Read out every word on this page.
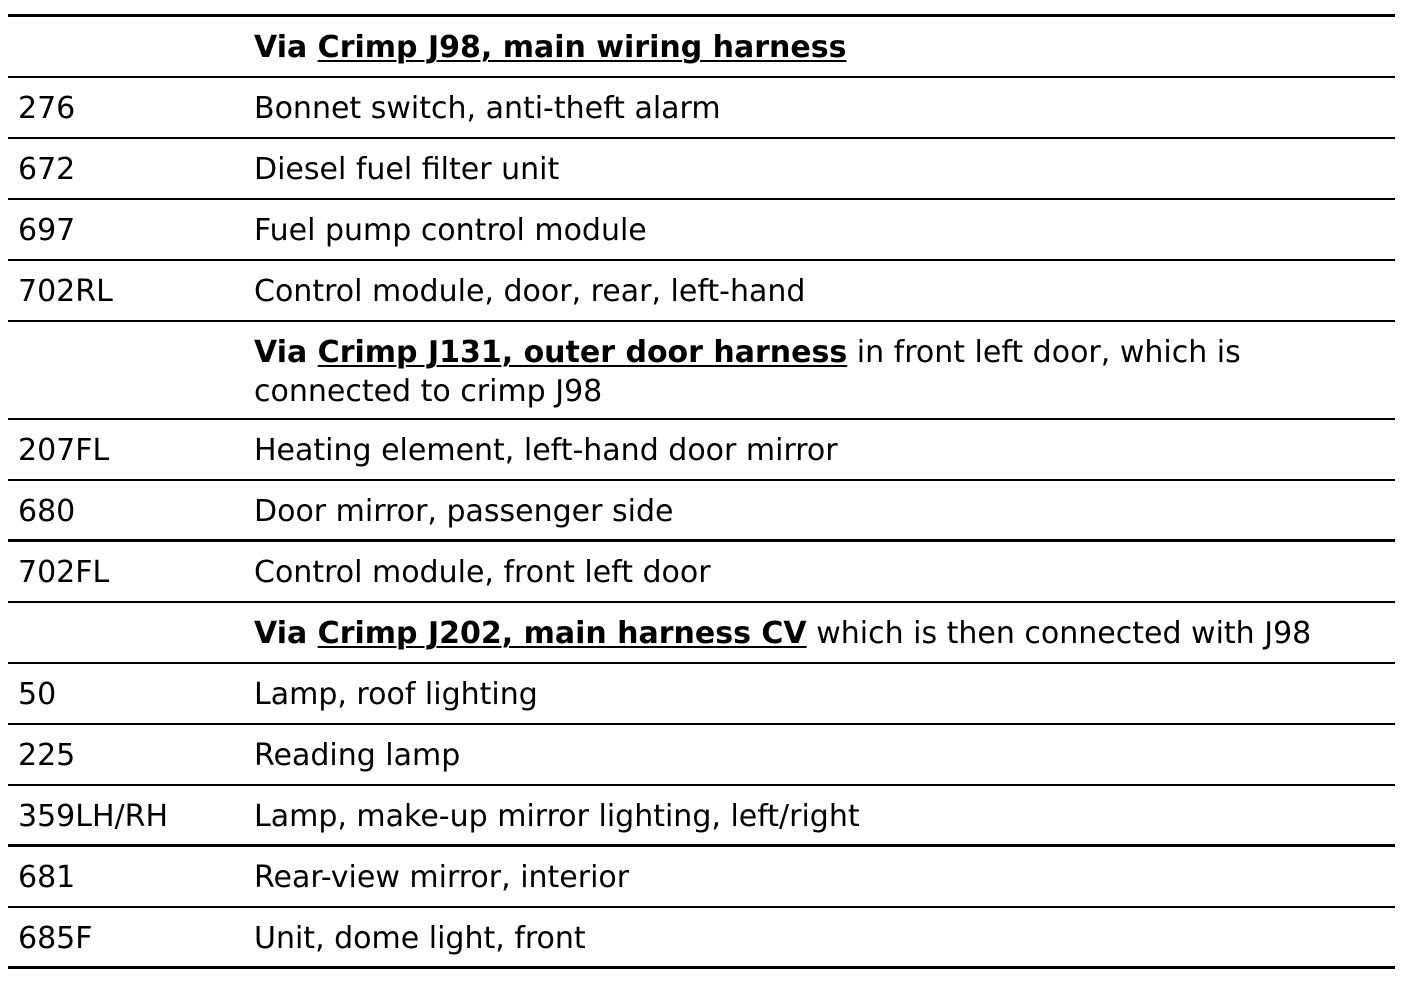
Via Crimp J98, main wiring harness
276	Bonnet switch, anti-theft alarm
672	Diesel fuel filter unit
697	Fuel pump control module
702RL	Control module, door, rear, left-hand
Via Crimp J131, outer door harness in front left door, which is connected to crimp J98
207FL	Heating element, left-hand door mirror
680	Door mirror, passenger side
702FL	Control module, front left door
Via Crimp J202, main harness CV which is then connected with J98
50	Lamp, roof lighting
225	Reading lamp
359LH/RH	Lamp, make-up mirror lighting, left/right
681	Rear-view mirror, interior
685F	Unit, dome light, front
